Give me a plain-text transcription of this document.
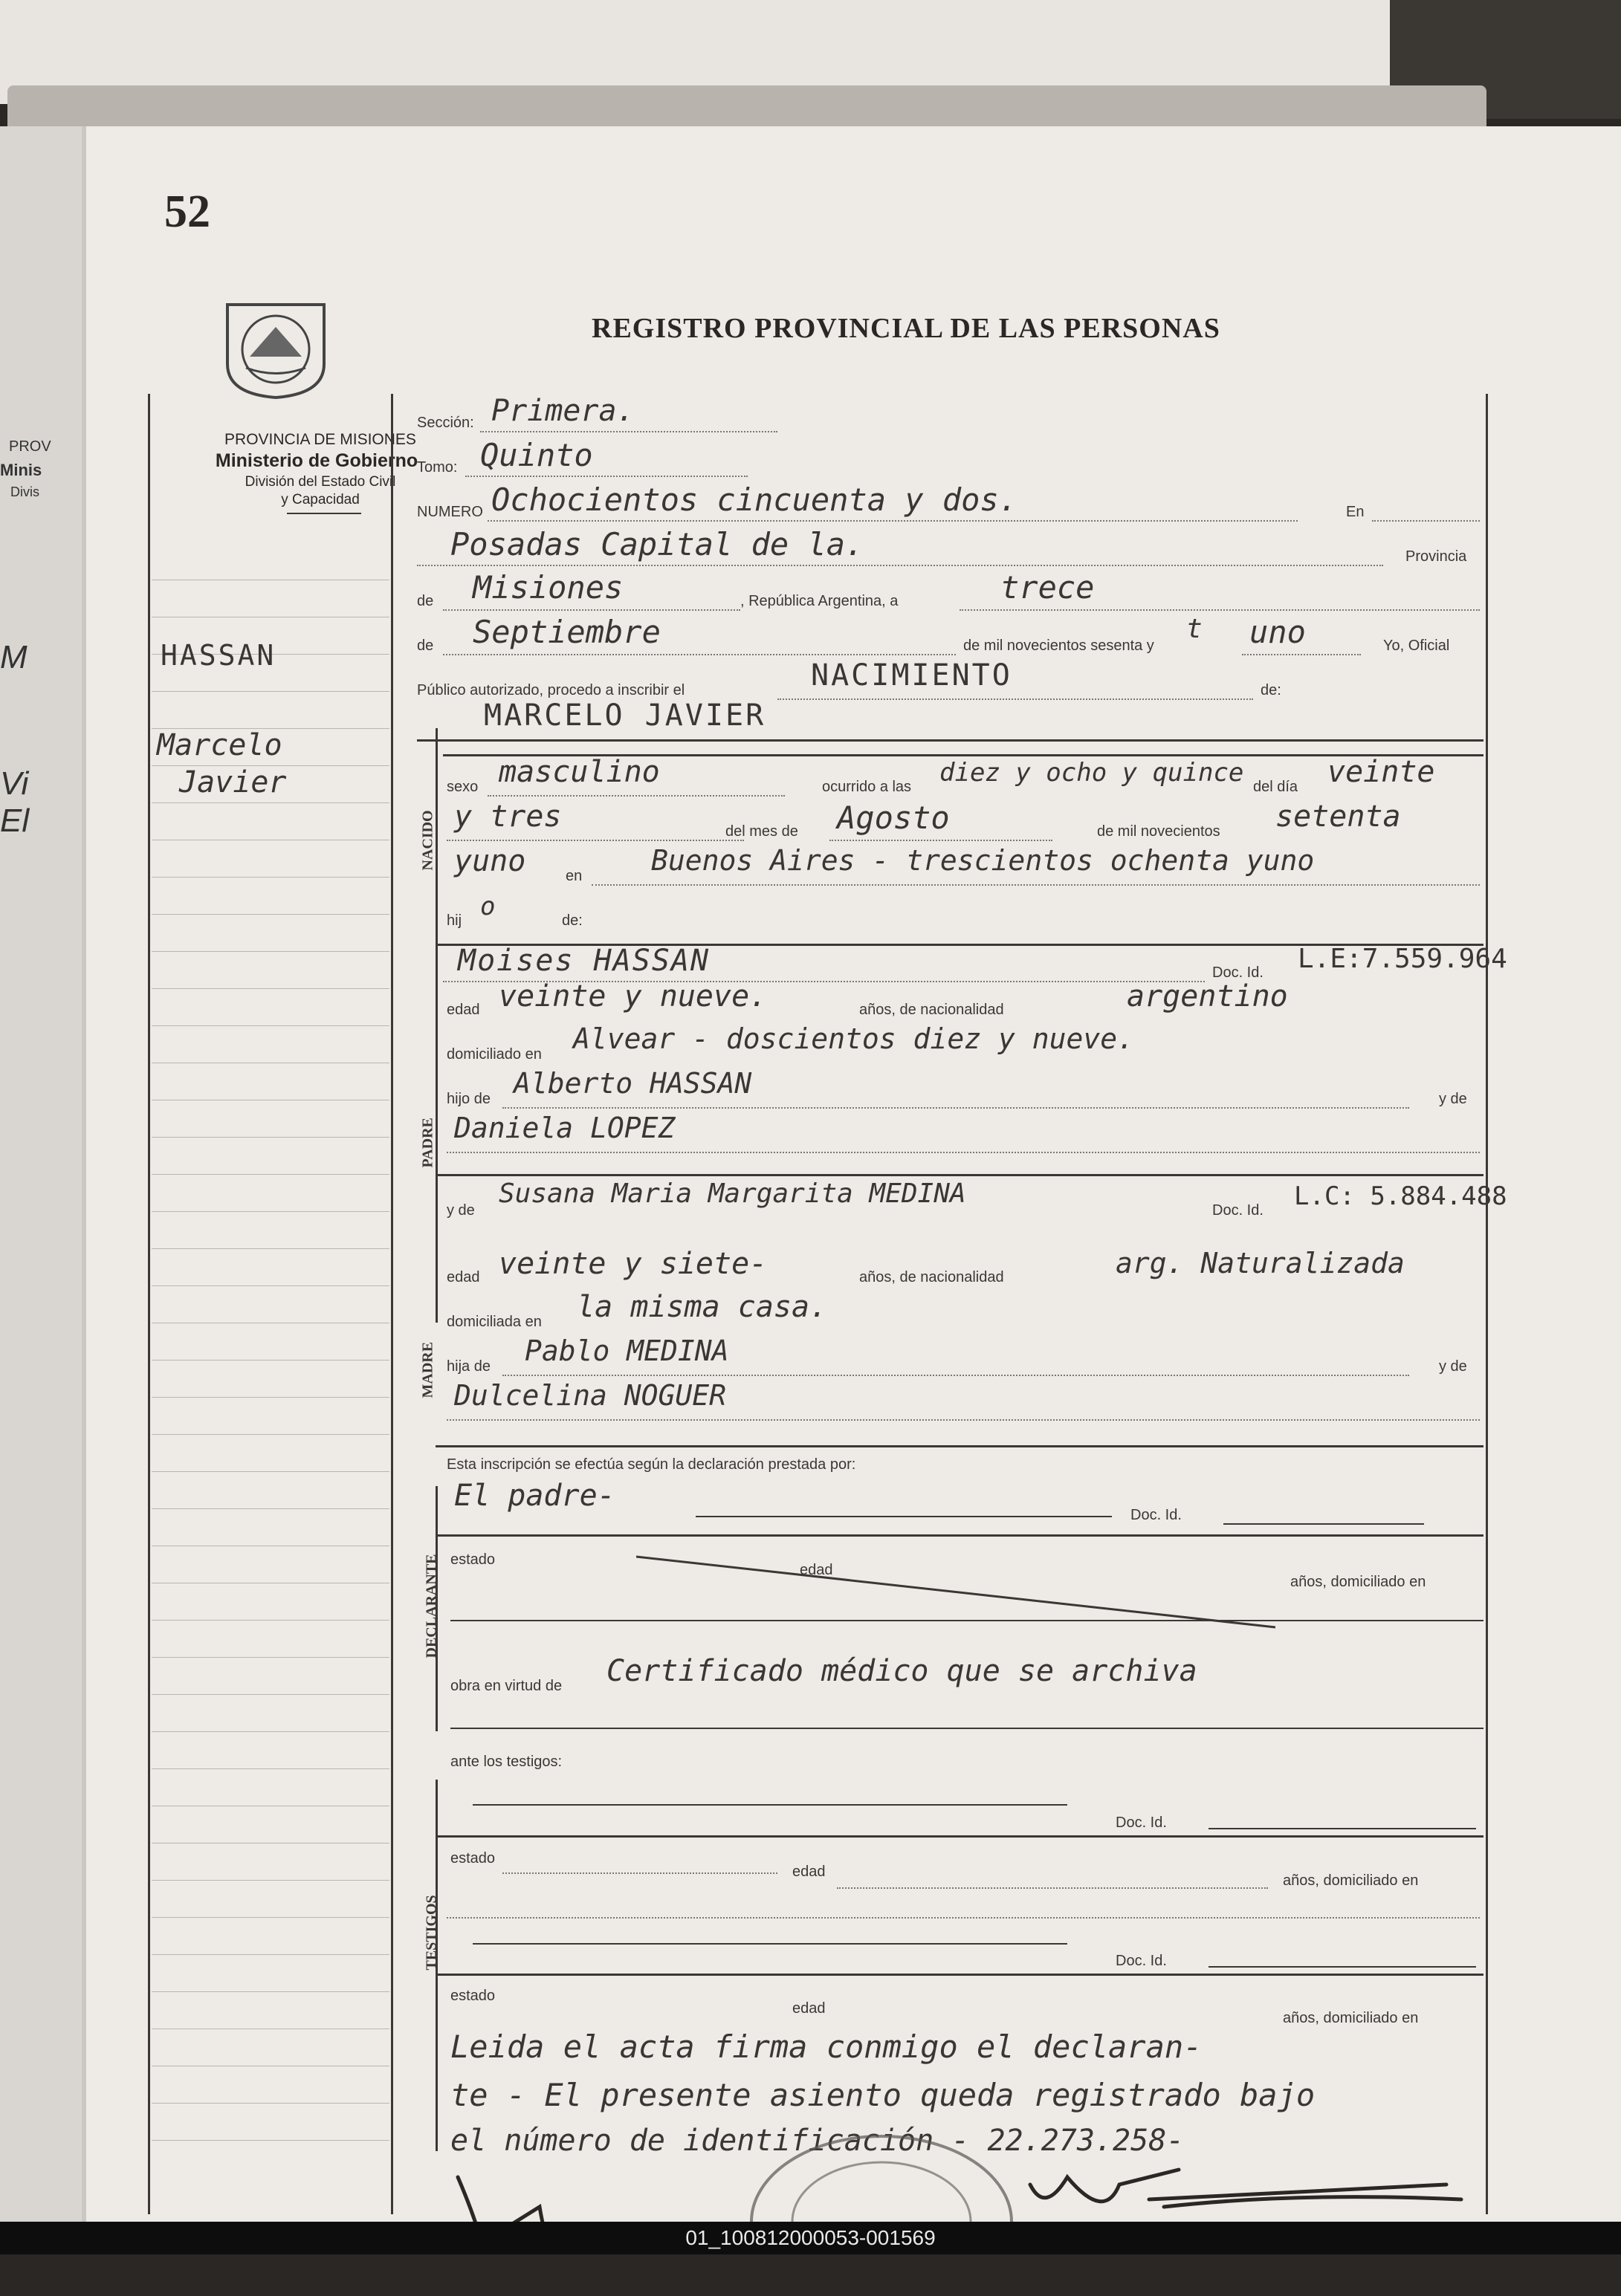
PROV
Minis
Divis
M
Vi
El
52
REGISTRO PROVINCIAL DE LAS PERSONAS
PROVINCIA DE MISIONES
Ministerio de Gobierno
División del Estado Civil
y Capacidad
HASSAN
Marcelo
Javier
Sección: Primera.
Tomo: Quinto
NUMERO Ochocientos cincuenta y dos.	En
Posadas Capital de la.	Provincia
de Misiones	, República Argentina, a	trece
de Septiembre	de mil novecientos sesenta y
t uno	Yo, Oficial
Público autorizado, procedo a inscribir el	NACIMIENTO	de:
MARCELO JAVIER
NACIDO
sexo masculino	ocurrido a las diez y ocho y quince del día veinte
y tres	del mes de Agosto	de mil novecientos setenta
yuno	en Buenos Aires - trescientos ochenta yuno
hij o	de:
PADRE
Moises HASSAN	Doc. Id. L.E:7.559.964
edad veinte y nueve.	años, de nacionalidad	argentino
domiciliado en Alvear - doscientos diez y nueve.
hijo de Alberto HASSAN	y de
Daniela LOPEZ
y de
Susana Maria Margarita MEDINA
Doc. Id. L.C: 5.884.488
MADRE
edad veinte y siete-	años, de nacionalidad	arg. Naturalizada
domiciliada en la misma casa.
hija de Pablo MEDINA	y de
Dulcelina NOGUER
Esta inscripción se efectúa según la declaración prestada por:
DECLARANTE
El padre-
Doc. Id.
estado
edad
años, domiciliado en
obra en virtud de Certificado médico que se archiva
ante los testigos:
TESTIGOS
Doc. Id.
estado
edad
años, domiciliado en
Doc. Id.
estado
edad
años, domiciliado en
Leida el acta firma conmigo el declaran-
te - El presente asiento queda registrado bajo
el número de identificación - 22.273.258-
01_100812000053-001569
